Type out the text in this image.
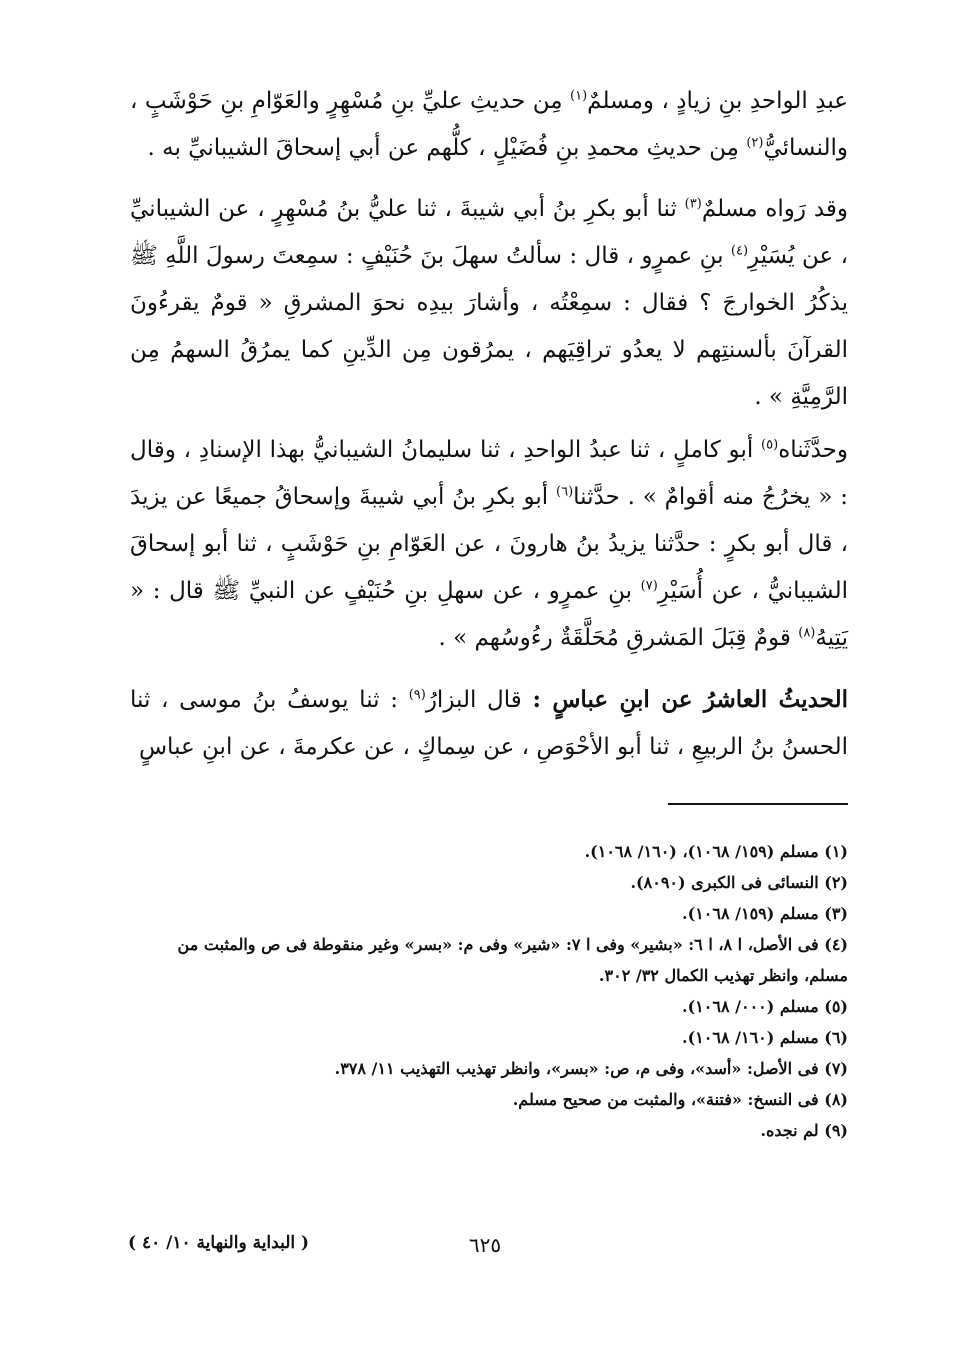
عبدِ الواحدِ بنِ زيادٍ ، ومسلمٌ$^{(١)}$ مِن حديثِ عليِّ بنِ مُسْهِرٍ والعَوّامِ بنِ حَوْشَبٍ ، والنسائيُّ$^{(٢)}$ مِن حديثِ محمدِ بنِ فُضَيْلٍ ، كلُّهم عن أبي إسحاقَ الشيبانيِّ به .

وقد رَواه مسلمٌ$^{(٣)}$ ثنا أبو بكرِ بنُ أبي شيبةَ ، ثنا عليُّ بنُ مُسْهِرٍ ، عن الشيبانيِّ ، عن يُسَيْرِ$^{(٤)}$ بنِ عمرٍو ، قال : سألتُ سهلَ بنَ حُنَيْفٍ : سمِعتَ رسولَ اللَّهِ ﷺ يذكُرُ الخوارجَ ؟ فقال : سمِعْتُه ، وأشارَ بيدِه نحوَ المشرقِ « قومٌ يقرءُونَ القرآنَ بألسنتِهم لا يعدُو تراقِيَهم ، يمرُقون مِن الدِّينِ كما يمرُقُ السهمُ مِن الرَّمِيَّةِ » .

وحدَّثَناه$^{(٥)}$ أبو كاملٍ ، ثنا عبدُ الواحدِ ، ثنا سليمانُ الشيبانيُّ بهذا الإسنادِ ، وقال : « يخرُجُ منه أقوامٌ » . حدَّثنا$^{(٦)}$ أبو بكرِ بنُ أبي شيبةَ وإسحاقُ جميعًا عن يزيدَ ، قال أبو بكرٍ : حدَّثنا يزيدُ بنُ هارونَ ، عن العَوّامِ بنِ حَوْشَبٍ ، ثنا أبو إسحاقَ الشيبانيُّ ، عن أُسَيْرِ$^{(٧)}$ بنِ عمرٍو ، عن سهلِ بنِ حُنَيْفٍ عن النبيِّ ﷺ قال : « يَتِيهُ$^{(٨)}$ قومٌ قِبَلَ المَشرقِ مُحَلَّقَةٌ رءُوسُهم » .

الحديثُ العاشرُ عن ابنِ عباسٍ : قال البزارُ$^{(٩)}$ : ثنا يوسفُ بنُ موسى ، ثنا الحسنُ بنُ الربيعِ ، ثنا أبو الأحْوَصِ ، عن سِماكٍ ، عن عكرمةَ ، عن ابنِ عباسٍ

(١) مسلم (١٥٩/ ١٠٦٨)، (١٦٠/ ١٠٦٨).

(٢) النسائى فى الكبرى (٨٠٩٠).

(٣) مسلم (١٥٩/ ١٠٦٨).

(٤) فى الأصل، ا ٨، ا ٦: «بشير» وفى ا ٧: «شير» وفى م: «بسر» وغير منقوطة فى ص والمثبت من مسلم، وانظر تهذيب الكمال ٣٢/ ٣٠٢.

(٥) مسلم (٠٠٠/ ١٠٦٨).

(٦) مسلم (١٦٠/ ١٠٦٨).

(٧) فى الأصل: «أسد»، وفى م، ص: «بسر»، وانظر تهذيب التهذيب ١١/ ٣٧٨.

(٨) فى النسخ: «فتنة»، والمثبت من صحيح مسلم.

(٩) لم نجده.

٦٢٥
( البداية والنهاية ١٠/ ٤٠ )
